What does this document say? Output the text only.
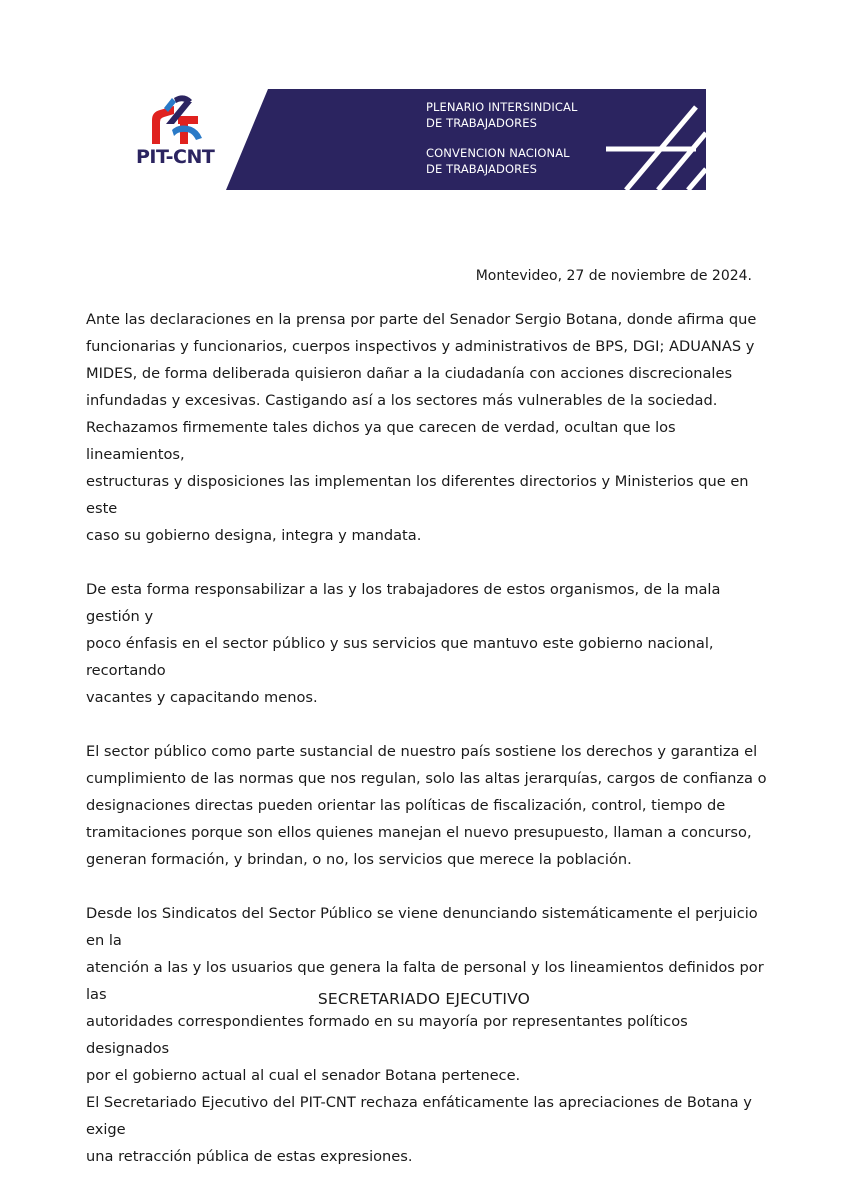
PIT-CNT
PLENARIO INTERSINDICAL
DE TRABAJADORES
CONVENCION NACIONAL
DE TRABAJADORES
Montevideo, 27 de noviembre de 2024.

Ante las declaraciones en la prensa por parte del Senador Sergio Botana, donde afirma que
funcionarias y funcionarios, cuerpos inspectivos y administrativos de BPS, DGI; ADUANAS y
MIDES, de forma deliberada quisieron dañar a la ciudadanía con acciones discrecionales
infundadas y excesivas. Castigando así a los sectores más vulnerables de la sociedad.
Rechazamos firmemente tales dichos ya que carecen de verdad, ocultan que los lineamientos,
estructuras y disposiciones las implementan los diferentes directorios y Ministerios que en este
caso su gobierno designa, integra y mandata.

De esta forma responsabilizar a las y los trabajadores de estos organismos, de la mala gestión y
poco énfasis en el sector público y sus servicios que mantuvo este gobierno nacional, recortando
vacantes y capacitando menos.

El sector público como parte sustancial de nuestro país sostiene los derechos y garantiza el
cumplimiento de las normas que nos regulan, solo las altas jerarquías, cargos de confianza o
designaciones directas pueden orientar las políticas de fiscalización, control, tiempo de
tramitaciones porque son ellos quienes manejan el nuevo presupuesto, llaman a concurso,
generan formación, y brindan, o no, los servicios que merece la población.

Desde los Sindicatos del Sector Público se viene denunciando sistemáticamente el perjuicio en la
atención a las y los usuarios que genera la falta de personal y los lineamientos definidos por las
autoridades correspondientes formado en su mayoría por representantes políticos designados
por el gobierno actual al cual el senador Botana pertenece.

El Secretariado Ejecutivo del PIT-CNT rechaza enfáticamente las apreciaciones de Botana y exige
una retracción pública de estas expresiones.

SECRETARIADO EJECUTIVO
